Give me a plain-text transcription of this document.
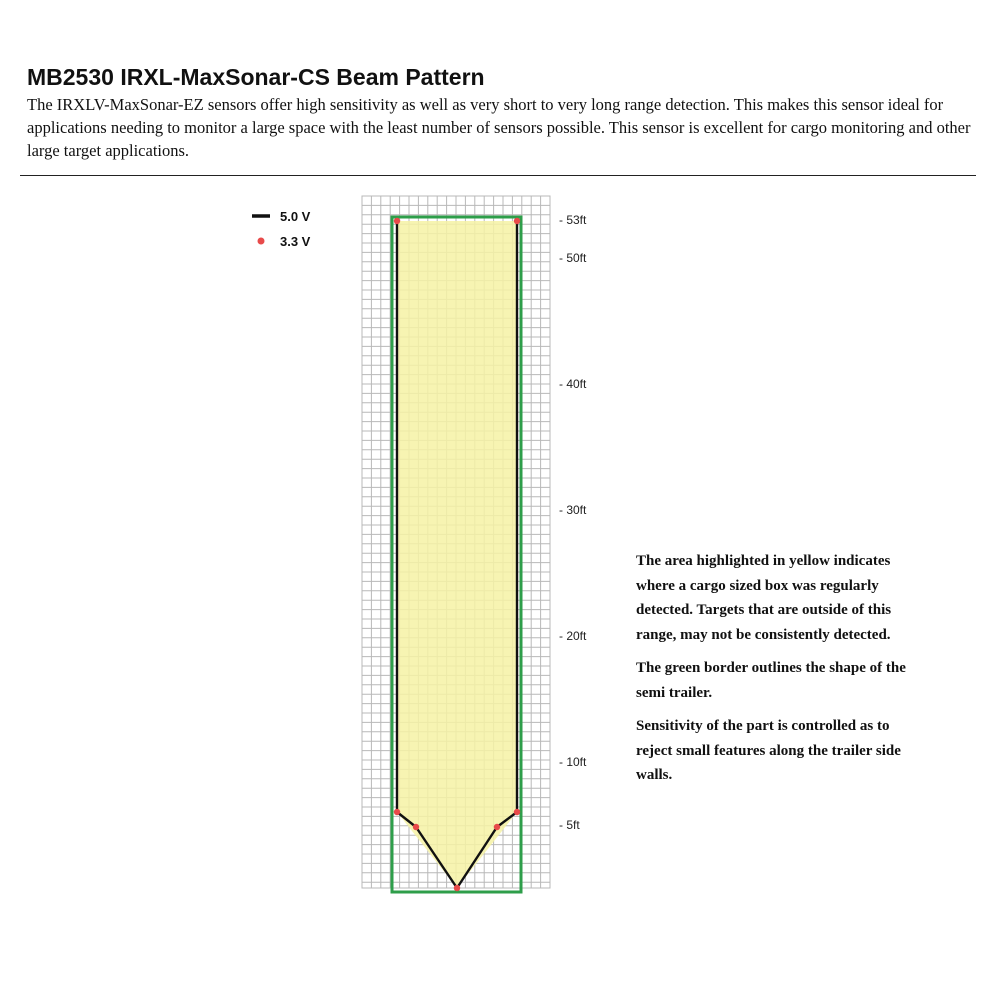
MB2530 IRXL-MaxSonar-CS Beam Pattern

The IRXLV-MaxSonar-EZ sensors offer high sensitivity as well as very short to very long range detection. This makes this sensor ideal for applications needing to monitor a large space with the least number of sensors possible. This sensor is excellent for cargo monitoring and other large target applications.

5.0 V
3.3 V
- 53ft
- 50ft
- 40ft
- 30ft
- 20ft
- 10ft
- 5ft

The area highlighted in yellow indicates where a cargo sized box was regularly detected. Targets that are outside of this range, may not be consistently detected.

The green border outlines the shape of the semi trailer.

Sensitivity of the part is controlled as to reject small features along the trailer side walls.
